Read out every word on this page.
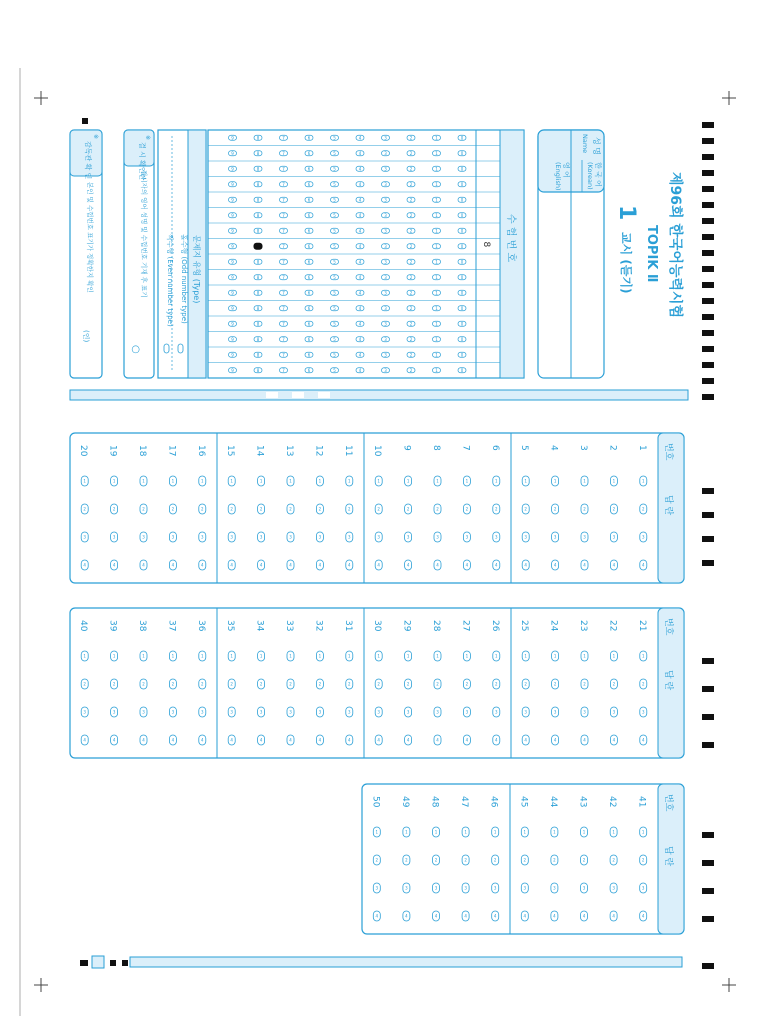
제96회 한국어능력시험
TOPIK Ⅱ
1
교시 (듣기)
성 명
Name
한 국 어
(Korean)
영 어
(English)
수 험 번 호
0
0
0
0
0
0
0
0
0
0
0
0
0
0
0
0
1
1
1
1
1
1
1
1
1
1
1
1
1
1
1
1
2
2
2
2
2
2
2
2
2
2
2
2
2
2
2
2
3
3
3
3
3
3
3
3
3
3
3
3
3
3
3
3
4
4
4
4
4
4
4
4
4
4
4
4
4
4
4
4
5
5
5
5
5
5
5
5
5
5
5
5
5
5
5
5
6
6
6
6
6
6
6
6
6
6
6
6
6
6
6
6
7
7
7
7
7
7
7
7
7
7
7
7
7
7
7
7
8
8
8
8
8
8
8
8
8
8
8
8
8
8
8
9
9
9
9
9
9
9
9
9
9
9
9
9
9
9
9
8
문제지 유형 (Type)
홀수형 (Odd number type)
짝수형 (Even number type)
※
결 시 확인란
결시자의 영어 성명 및 수험번호 기재 후 표기
○
※
감독관 확 인
본인 및 수험번호 표기가 정확한지 확인
(인)
번호
답 란
1
1
2
3
4
2
1
2
3
4
3
1
2
3
4
4
1
2
3
4
5
1
2
3
4
6
1
2
3
4
7
1
2
3
4
8
1
2
3
4
9
1
2
3
4
10
1
2
3
4
11
1
2
3
4
12
1
2
3
4
13
1
2
3
4
14
1
2
3
4
15
1
2
3
4
16
1
2
3
4
17
1
2
3
4
18
1
2
3
4
19
1
2
3
4
20
1
2
3
4
번호
답 란
21
1
2
3
4
22
1
2
3
4
23
1
2
3
4
24
1
2
3
4
25
1
2
3
4
26
1
2
3
4
27
1
2
3
4
28
1
2
3
4
29
1
2
3
4
30
1
2
3
4
31
1
2
3
4
32
1
2
3
4
33
1
2
3
4
34
1
2
3
4
35
1
2
3
4
36
1
2
3
4
37
1
2
3
4
38
1
2
3
4
39
1
2
3
4
40
1
2
3
4
번호
답 란
41
1
2
3
4
42
1
2
3
4
43
1
2
3
4
44
1
2
3
4
45
1
2
3
4
46
1
2
3
4
47
1
2
3
4
48
1
2
3
4
49
1
2
3
4
50
1
2
3
4
